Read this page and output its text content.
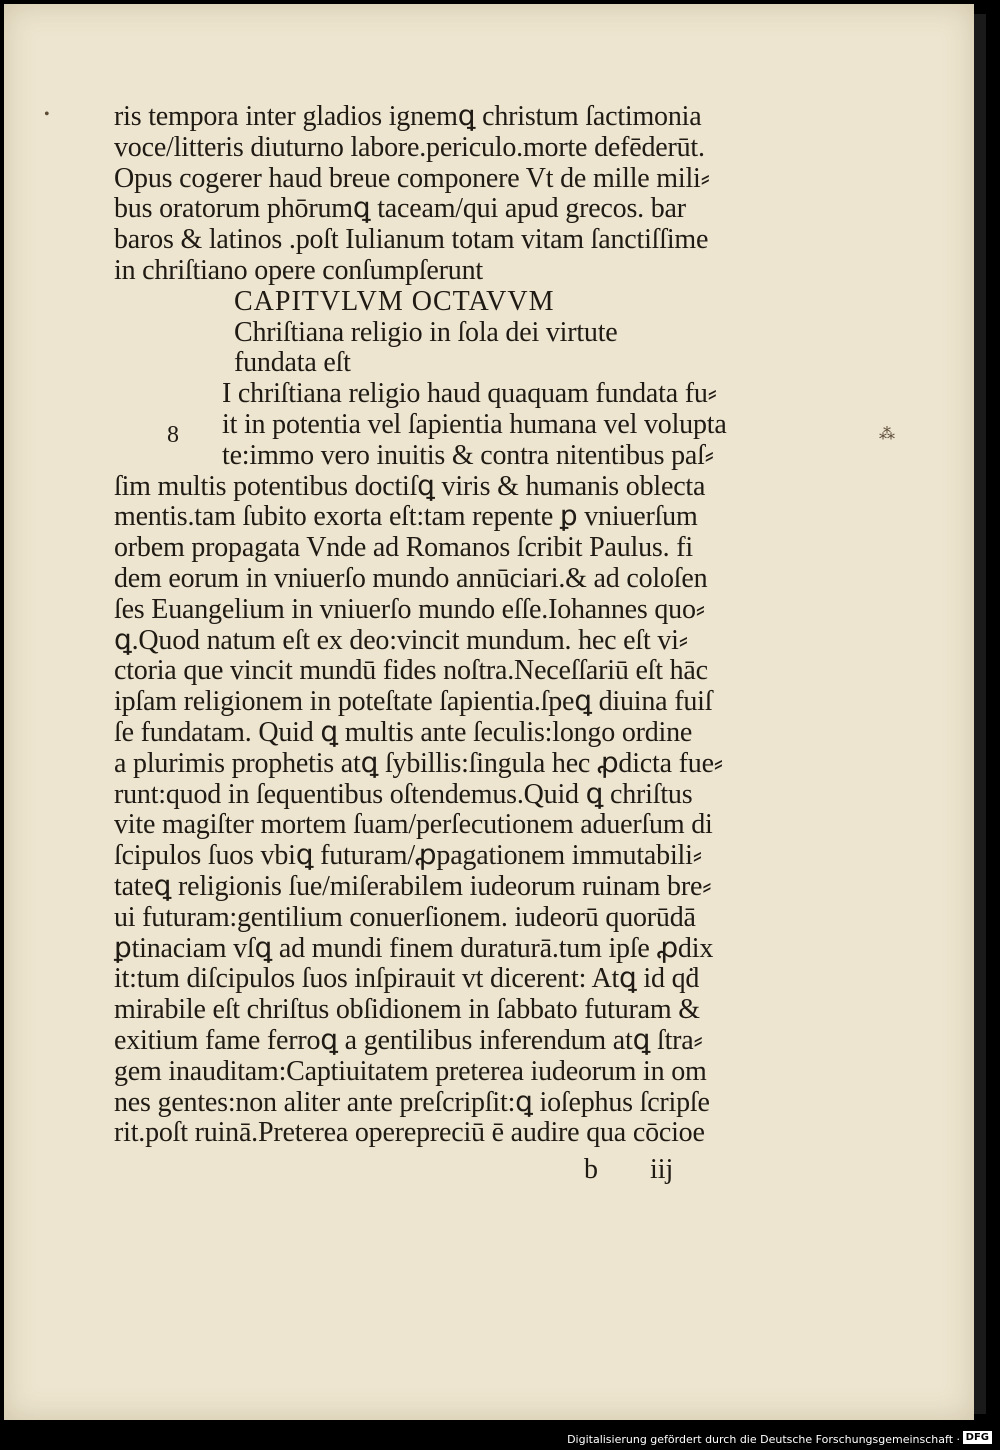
•
⁂
ris tempora inter gladios ignemꝗ christum ſactimonia
voce/litteris diuturno labore.periculo.morte defēderūt.
Opus cogerer haud breue componere Vt de mille mili⸗
bus oratorum phōrumꝗ taceam/qui apud grecos. bar
baros & latinos .poſt Iulianum totam vitam ſanctiſſime
in chriſtiano opere conſumpſerunt
CAPITVLVM OCTAVVM
Chriſtiana religio in ſola dei virtute
fundata eſt
I chriſtiana religio haud quaquam fundata fu⸗
it in potentia vel ſapientia humana vel volupta
te:immo vero inuitis & contra nitentibus paſ⸗
ſim multis potentibus doctiſꝗ viris & humanis oblecta
mentis.tam ſubito exorta eſt:tam repente ꝑ vniuerſum
orbem propagata Vnde ad Romanos ſcribit Paulus. fi
dem eorum in vniuerſo mundo annūciari.& ad coloſen
ſes Euangelium in vniuerſo mundo eſſe.Iohannes quo⸗
ꝗ.Quod natum eſt ex deo:vincit mundum. hec eſt vi⸗
ctoria que vincit mundū fides noſtra.Neceſſariū eſt hāc
ipſam religionem in poteſtate ſapientia.ſpeꝗ diuina fuiſ
ſe fundatam. Quid ꝗ multis ante ſeculis:longo ordine
a plurimis prophetis atꝗ ſybillis:ſingula hec ꝓdicta fue⸗
runt:quod in ſequentibus oſtendemus.Quid ꝗ chriſtus
vite magiſter mortem ſuam/perſecutionem aduerſum di
ſcipulos ſuos vbiꝗ futuram/ꝓpagationem immutabili⸗
tateꝗ religionis ſue/miſerabilem iudeorum ruinam bre⸗
ui futuram:gentilium conuerſionem. iudeorū quorūdā
ꝑtinaciam vſꝗ ad mundi finem duraturā.tum ipſe ꝓdix
it:tum diſcipulos ſuos inſpirauit vt dicerent: Atꝗ id qḋ
mirabile eſt chriſtus obſidionem in ſabbato futuram &
exitium fame ferroꝗ a gentilibus inferendum atꝗ ſtra⸗
gem inauditam:Captiuitatem preterea iudeorum in om
nes gentes:non aliter ante preſcripſit:ꝗ ioſephus ſcripſe
rit.poſt ruinā.Preterea operepreciū ē audire qua cōcioe
8
b iij
Digitalisierung gefördert durch die Deutsche Forschungsgemeinschaft · DFG
